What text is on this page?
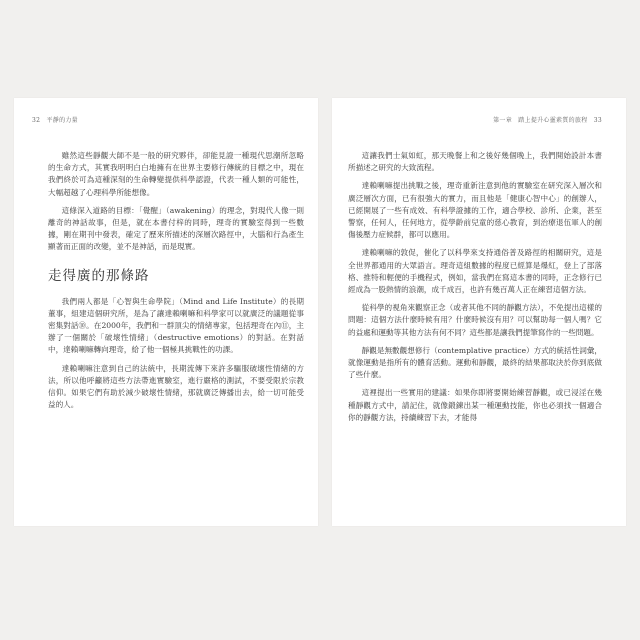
32 平靜的力量

雖然這些靜觀大師不是一般的研究夥伴，卻能見證一種現代思潮所忽略的生命方式，其實我明明白白地擁有在世界主要修行傳統的目標之中，現在我們終於可為這種深刻的生命轉變提供科學認證，代表一種人類的可能性，大幅超越了心理科學所能想像。

這條深入道路的目標：「覺醒」（awakening）的理念，對現代人像一則離奇的神話故事，但是，就在本書付梓的同時，理奇的實驗室得到一些數據，剛在期刊中發表，確定了歷來所描述的深層次路徑中，大腦和行為產生顯著而正面的改變，並不是神話，而是現實。

走得廣的那條路

我們兩人都是「心智與生命學院」（Mind and Life Institute）的長期董事，組建這個研究所，是為了讓達賴喇嘛和科學家可以就廣泛的議題從事密集對話⑩。在2000年，我們和一群頂尖的情緒專家，包括理奇在內⑪，主辦了一個關於「破壞性情緒」（destructive emotions）的對話。在對話中，達賴喇嘛轉向理奇，給了他一個極具挑戰性的功課。

達賴喇嘛注意到自己的法統中，長期流傳下來許多驅服破壞性情緒的方法，所以他呼籲將這些方法帶進實驗室，進行嚴格的測試，不要受限於宗教信仰。如果它們有助於減少破壞性情緒，那就廣泛傳播出去，給一切可能受益的人。

第一章 踏上提升心靈素質的旅程 33

這讓我們士氣如虹，那天晚餐上和之後好幾個晚上，我們開始設計本書所描述之研究的大致流程。

達賴喇嘛提出挑戰之後，理奇重新注意到他的實驗室在研究深入層次和廣泛層次方面，已有很強大的實力，而且他是「健康心智中心」的創辦人，已經開展了一些有成效、有科學證據的工作，適合學校、診所、企業，甚至警察，任何人，任何地方，從學齡前兒童的慈心教育，到治療退伍軍人的創傷後壓力症候群，都可以應用。

達賴喇嘛的敦促，催化了以科學來支持通俗普及路徑的相關研究，這是全世界都通用的大眾語言。理奇這組數據的程度已經算是爆紅，登上了部落格、推特和輕便的手機程式，例如，當我們在寫這本書的同時，正念修行已經成為一股熱情的浪潮，成千成百，也許有幾百萬人正在練習這個方法。

從科學的視角來觀察正念（或者其他不同的靜觀方法），不免提出這樣的問題：這個方法什麼時候有用？什麼時候沒有用？可以幫助每一個人嗎？它的益處和運動等其他方法有何不同？這些都是讓我們提筆寫作的一些問題。

靜觀是無數觀想修行（contemplative practice）方式的統括性詞彙，就像運動是指所有的體育活動。運動和靜觀，最終的結果都取決於你到底做了些什麼。

這裡提出一些實用的建議：如果你即將要開始練習靜觀，或已浸淫在幾種靜觀方式中，請記住，就像鍛鍊出某一種運動技能，你也必須找一個適合你的靜觀方法，持續練習下去，才能得
